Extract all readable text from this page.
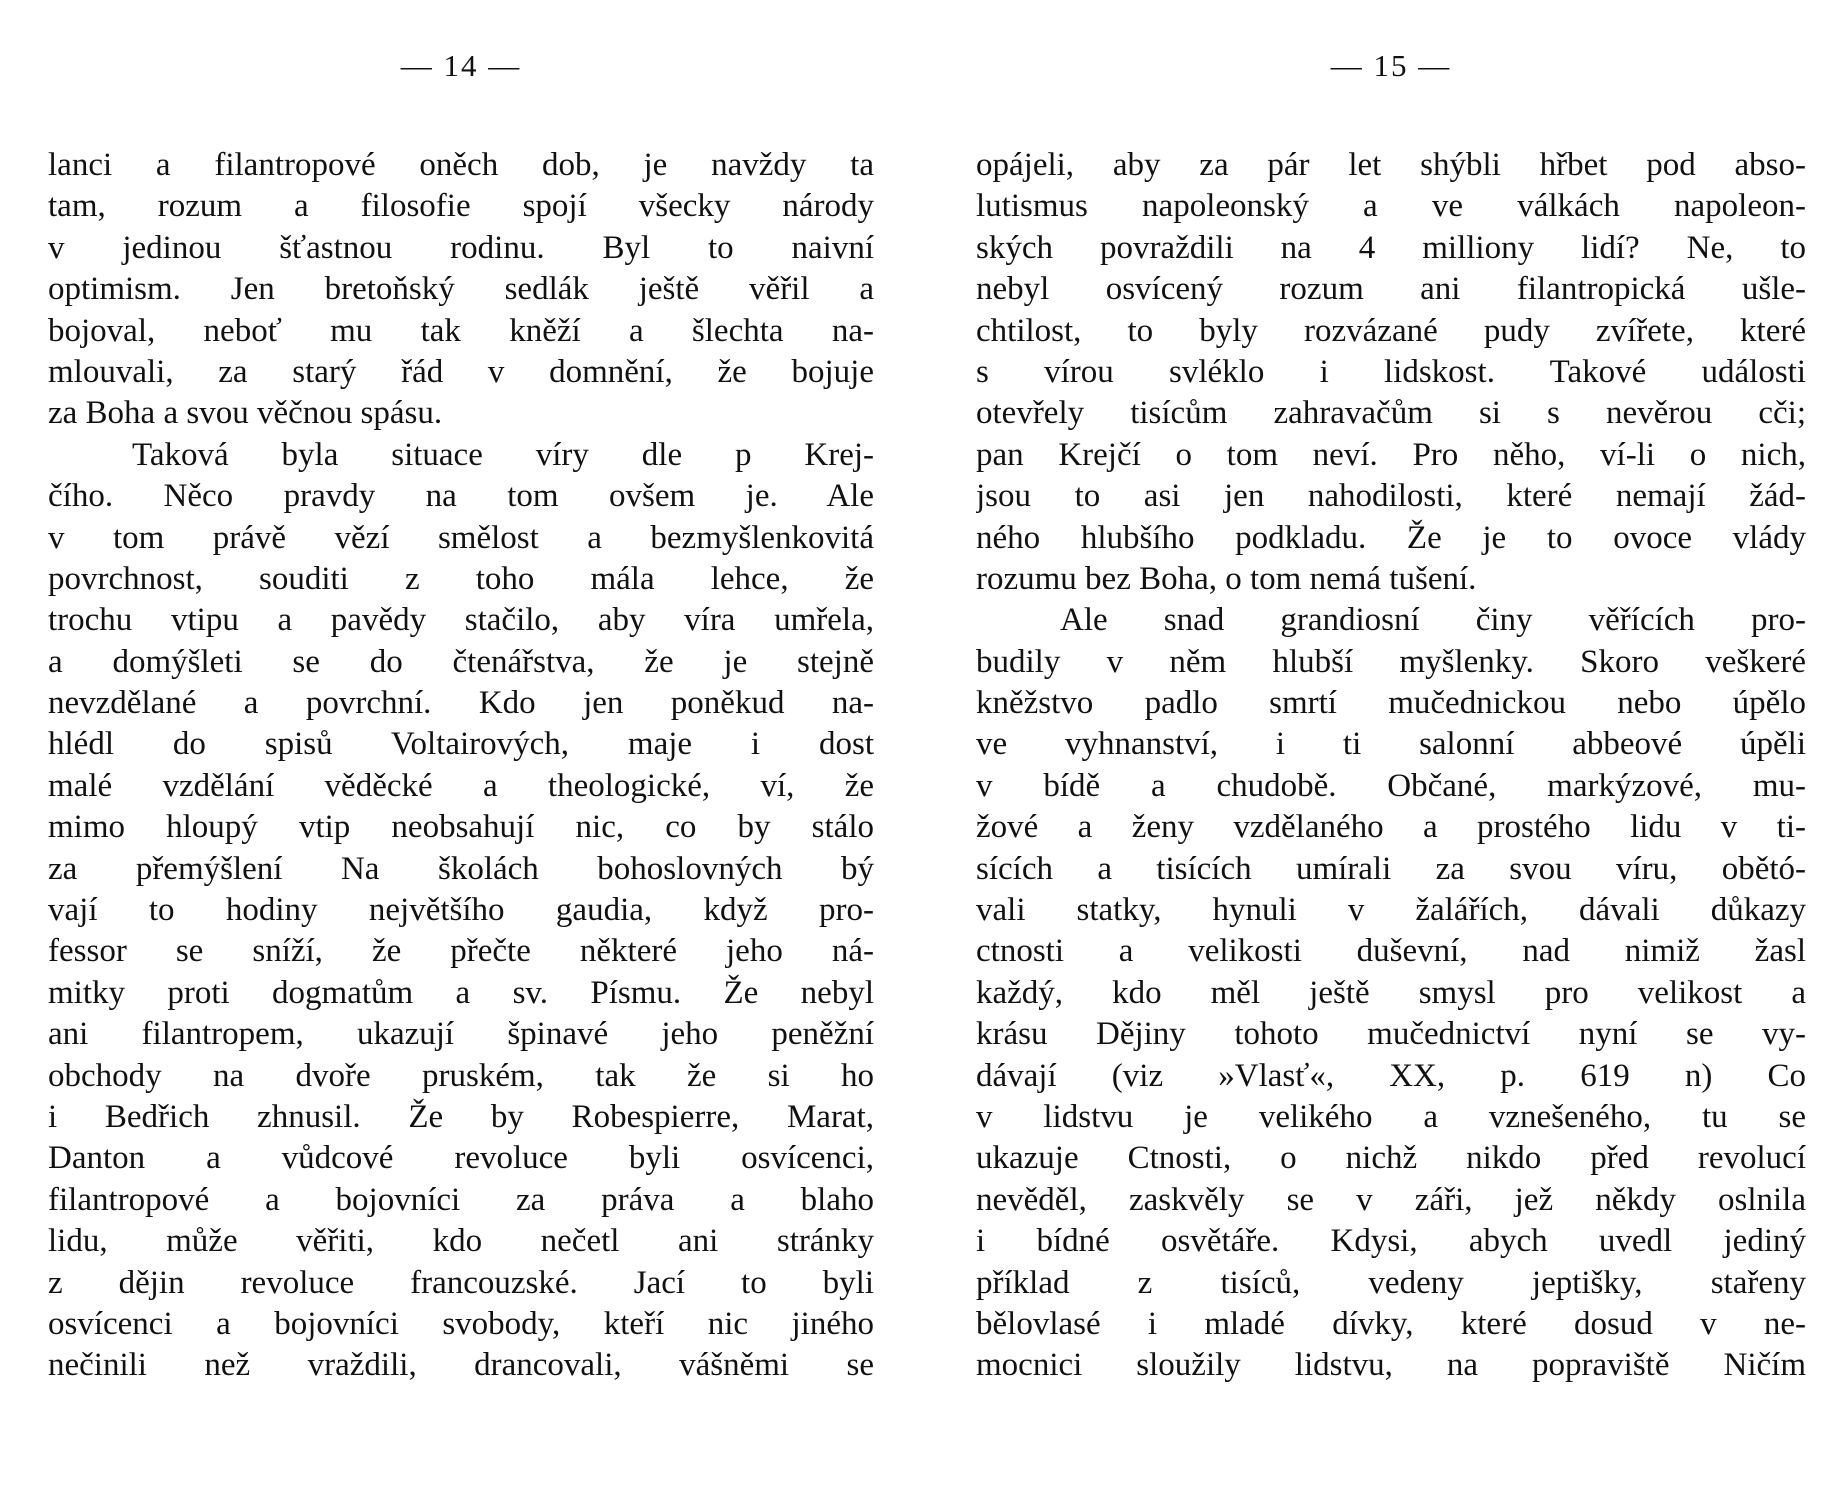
— 14 —
lanci a filantropové oněch dob, je navždy ta
tam, rozum a filosofie spojí všecky národy
v jedinou šťastnou rodinu. Byl to naivní
optimism. Jen bretoňský sedlák ještě věřil a
bojoval, neboť mu tak kněží a šlechta na-
mlouvali, za starý řád v domnění, že bojuje
za Boha a svou věčnou spásu.
Taková byla situace víry dle p Krej-
čího. Něco pravdy na tom ovšem je. Ale
v tom právě vězí smělost a bezmyšlenkovitá
povrchnost, souditi z toho mála lehce, že
trochu vtipu a pavědy stačilo, aby víra umřela,
a domýšleti se do čtenářstva, že je stejně
nevzdělané a povrchní. Kdo jen poněkud na-
hlédl do spisů Voltairových, maje i dost
malé vzdělání věděcké a theologické, ví, že
mimo hloupý vtip neobsahují nic, co by stálo
za přemýšlení Na školách bohoslovných bý
vají to hodiny největšího gaudia, když pro-
fessor se sníží, že přečte některé jeho ná-
mitky proti dogmatům a sv. Písmu. Že nebyl
ani filantropem, ukazují špinavé jeho peněžní
obchody na dvoře pruském, tak že si ho
i Bedřich zhnusil. Že by Robespierre, Marat,
Danton a vůdcové revoluce byli osvícenci,
filantropové a bojovníci za práva a blaho
lidu, může věřiti, kdo nečetl ani stránky
z dějin revoluce francouzské. Jací to byli
osvícenci a bojovníci svobody, kteří nic jiného
nečinili než vraždili, drancovali, vášněmi se
— 15 —
opájeli, aby za pár let shýbli hřbet pod abso-
lutismus napoleonský a ve válkách napoleon-
ských povraždili na 4 milliony lidí? Ne, to
nebyl osvícený rozum ani filantropická ušle-
chtilost, to byly rozvázané pudy zvířete, které
s vírou svléklo i lidskost. Takové události
otevřely tisícům zahravačům si s nevěrou cči;
pan Krejčí o tom neví. Pro něho, ví-li o nich,
jsou to asi jen nahodilosti, které nemají žád-
ného hlubšího podkladu. Že je to ovoce vlády
rozumu bez Boha, o tom nemá tušení.
Ale snad grandiosní činy věřících pro-
budily v něm hlubší myšlenky. Skoro veškeré
kněžstvo padlo smrtí mučednickou nebo úpělo
ve vyhnanství, i ti salonní abbeové úpěli
v bídě a chudobě. Občané, markýzové, mu-
žové a ženy vzdělaného a prostého lidu v ti-
sících a tisících umírali za svou víru, obětó-
vali statky, hynuli v žalářích, dávali důkazy
ctnosti a velikosti duševní, nad nimiž žasl
každý, kdo měl ještě smysl pro velikost a
krásu Dějiny tohoto mučednictví nyní se vy-
dávají (viz »Vlasť«, XX, p. 619 n) Co
v lidstvu je velikého a vznešeného, tu se
ukazuje Ctnosti, o nichž nikdo před revolucí
nevěděl, zaskvěly se v záři, jež někdy oslnila
i bídné osvětáře. Kdysi, abych uvedl jediný
příklad z tisíců, vedeny jeptišky, stařeny
bělovlasé i mladé dívky, které dosud v ne-
mocnici sloužily lidstvu, na popraviště Ničím
